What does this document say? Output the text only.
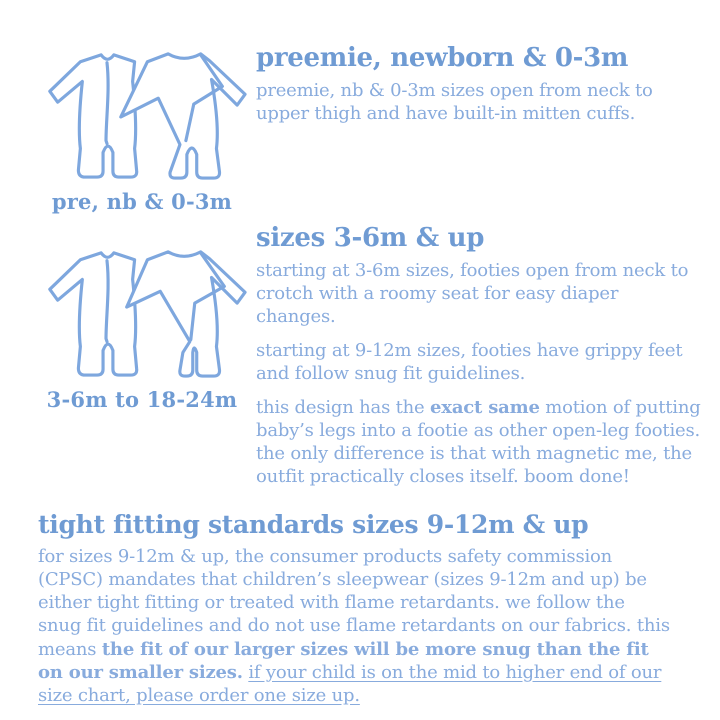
pre, nb & 0-3m
preemie, newborn & 0-3m

preemie, nb & 0-3m sizes open from neck to upper thigh and have built-in mitten cuffs.

3-6m to 18-24m
sizes 3-6m & up

starting at 3-6m sizes, footies open from neck to crotch with a roomy seat for easy diaper changes.

starting at 9-12m sizes, footies have grippy feet and follow snug fit guidelines.

this design has the exact same motion of putting baby’s legs into a footie as other open-leg footies. the only difference is that with magnetic me, the outfit practically closes itself. boom done!

tight fitting standards sizes 9-12m & up

for sizes 9-12m & up, the consumer products safety commission (CPSC) mandates that children’s sleepwear (sizes 9-12m and up) be either tight fitting or treated with flame retardants. we follow the snug fit guidelines and do not use flame retardants on our fabrics. this means the fit of our larger sizes will be more snug than the fit on our smaller sizes. if your child is on the mid to higher end of our size chart, please order one size up.
